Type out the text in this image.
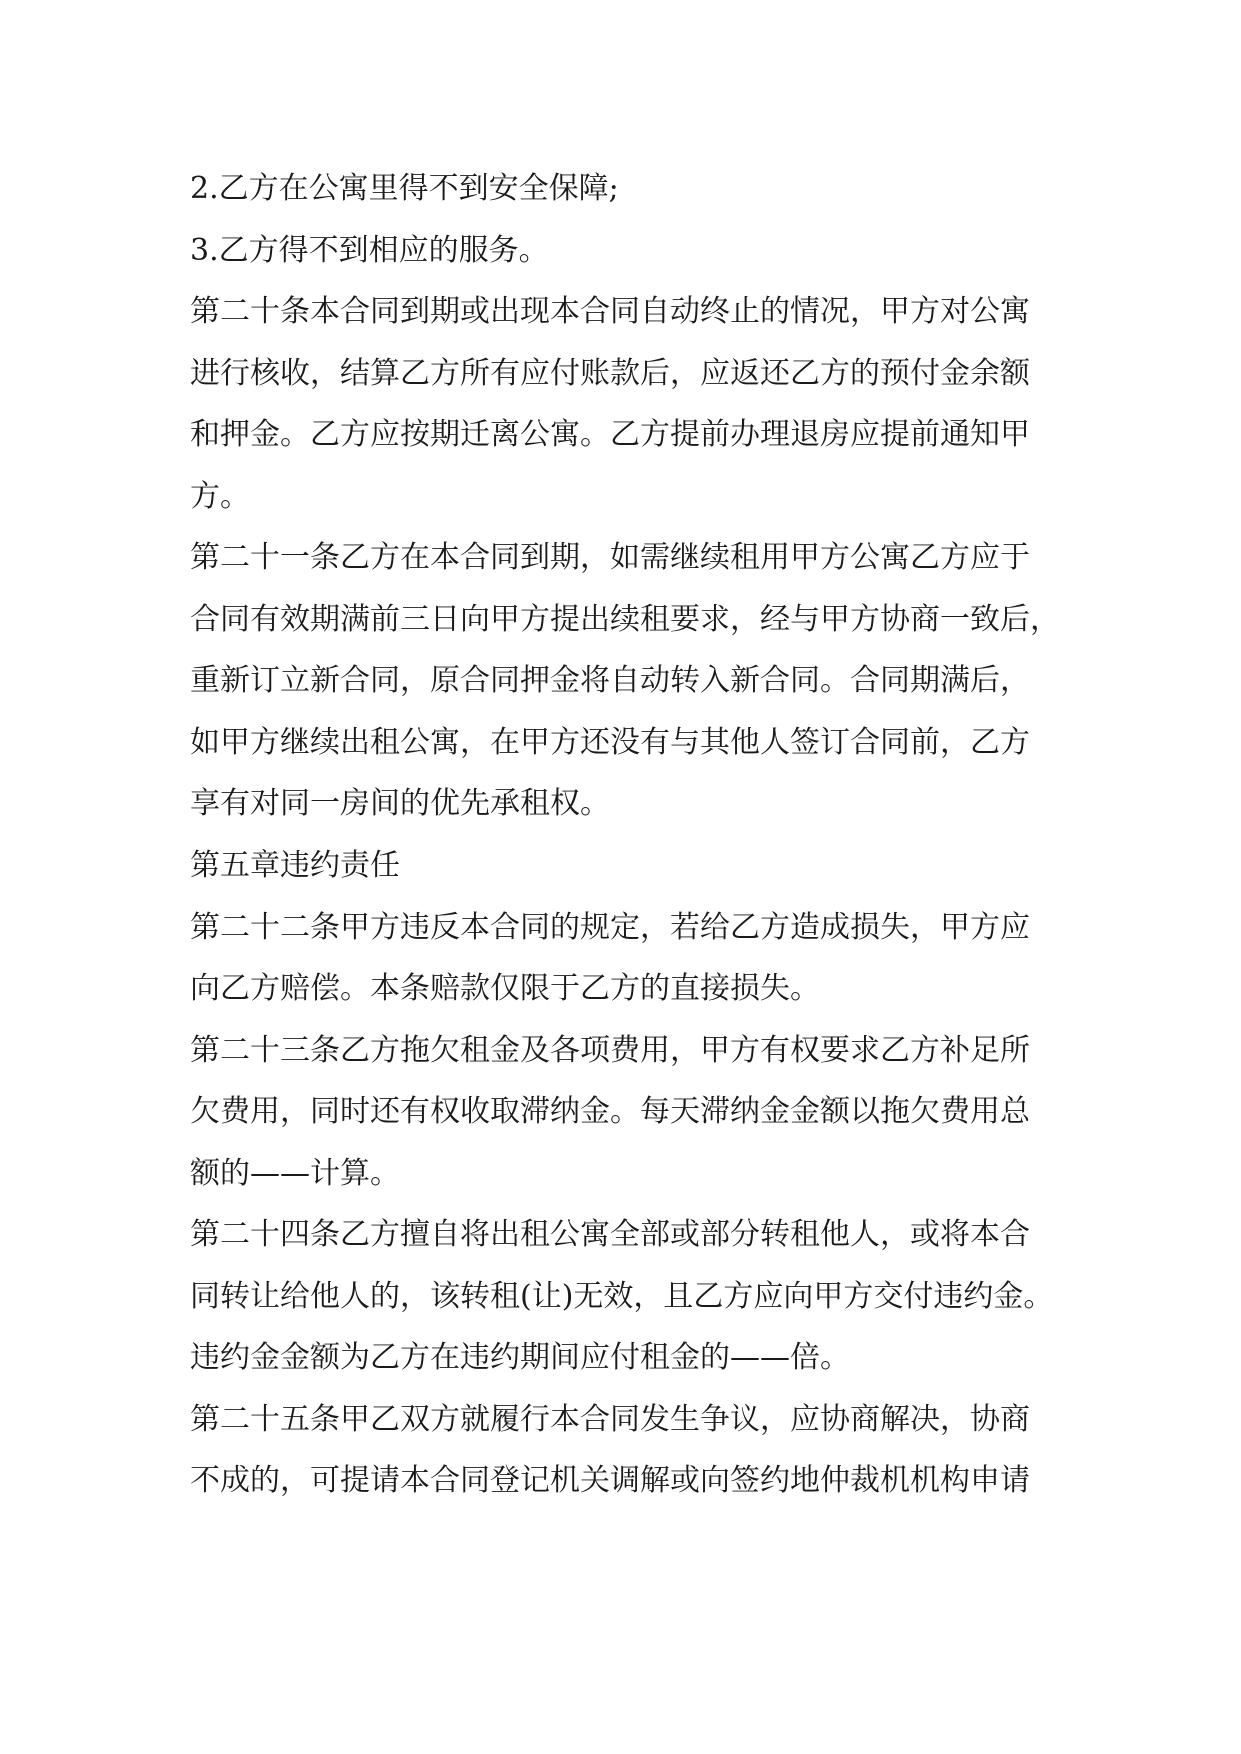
2.乙方在公寓里得不到安全保障;
3.乙方得不到相应的服务。
第二十条本合同到期或出现本合同自动终止的情况，甲方对公寓
进行核收，结算乙方所有应付账款后，应返还乙方的预付金余额
和押金。乙方应按期迁离公寓。乙方提前办理退房应提前通知甲
方。
第二十一条乙方在本合同到期，如需继续租用甲方公寓乙方应于
合同有效期满前三日向甲方提出续租要求，经与甲方协商一致后，
重新订立新合同，原合同押金将自动转入新合同。合同期满后，
如甲方继续出租公寓，在甲方还没有与其他人签订合同前，乙方
享有对同一房间的优先承租权。
第五章违约责任
第二十二条甲方违反本合同的规定，若给乙方造成损失，甲方应
向乙方赔偿。本条赔款仅限于乙方的直接损失。
第二十三条乙方拖欠租金及各项费用，甲方有权要求乙方补足所
欠费用，同时还有权收取滞纳金。每天滞纳金金额以拖欠费用总
额的——计算。
第二十四条乙方擅自将出租公寓全部或部分转租他人，或将本合
同转让给他人的，该转租(让)无效，且乙方应向甲方交付违约金。
违约金金额为乙方在违约期间应付租金的——倍。
第二十五条甲乙双方就履行本合同发生争议，应协商解决，协商
不成的，可提请本合同登记机关调解或向签约地仲裁机机构申请
